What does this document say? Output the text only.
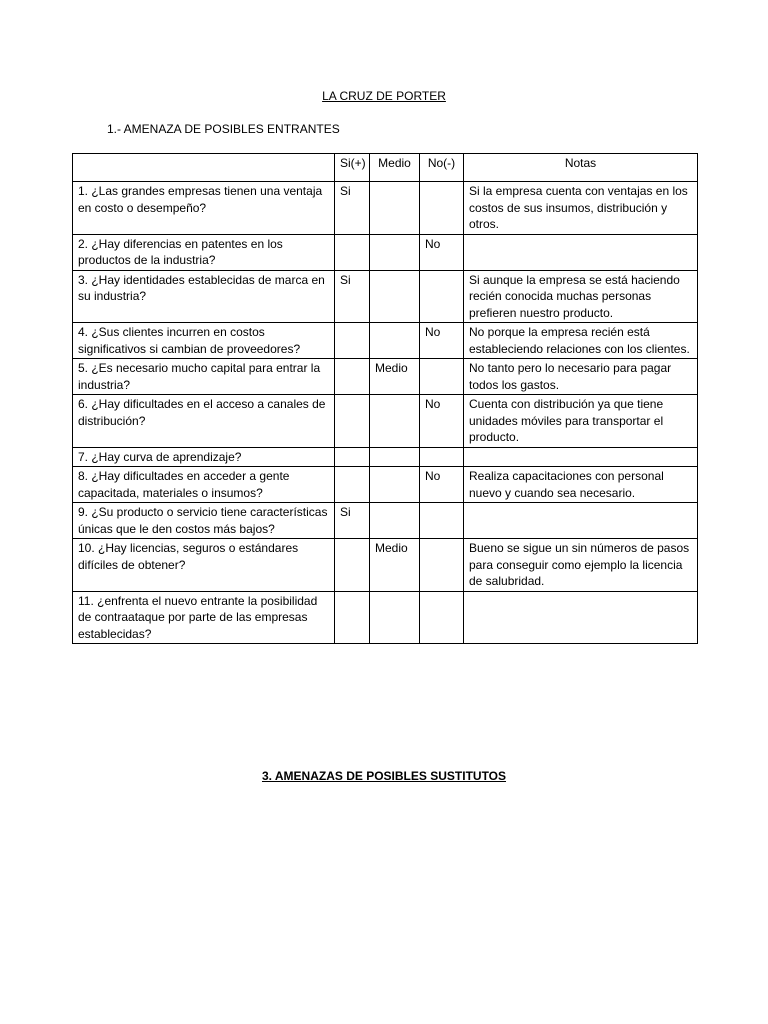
LA CRUZ DE PORTER
1.- AMENAZA DE POSIBLES ENTRANTES
	Si(+)	Medio	No(-)	Notas
1. ¿Las grandes empresas tienen una ventaja en costo o desempeño?	Si			Si la empresa cuenta con ventajas en los costos de sus insumos, distribución y otros.
2. ¿Hay diferencias en patentes en los productos de la industria?			No	
3. ¿Hay identidades establecidas de marca en su industria?	Si			Si aunque la empresa se está haciendo recién conocida muchas personas prefieren nuestro producto.
4. ¿Sus clientes incurren en costos significativos si cambian de proveedores?			No	No porque la empresa recién está estableciendo relaciones con los clientes.
5. ¿Es necesario mucho capital para entrar la industria?		Medio		No tanto pero lo necesario para pagar todos los gastos.
6. ¿Hay dificultades en el acceso a canales de distribución?			No	Cuenta con distribución ya que tiene unidades móviles para transportar el producto.
7. ¿Hay curva de aprendizaje?				
8. ¿Hay dificultades en acceder a gente capacitada, materiales o insumos?			No	Realiza capacitaciones con personal nuevo y cuando sea necesario.
9. ¿Su producto o servicio tiene características únicas que le den costos más bajos?	Si			
10. ¿Hay licencias, seguros o estándares difíciles de obtener?		Medio		Bueno se sigue un sin números de pasos para conseguir como ejemplo la licencia de salubridad.
11. ¿enfrenta el nuevo entrante la posibilidad de contraataque por parte de las empresas establecidas?				
3. AMENAZAS DE POSIBLES SUSTITUTOS
